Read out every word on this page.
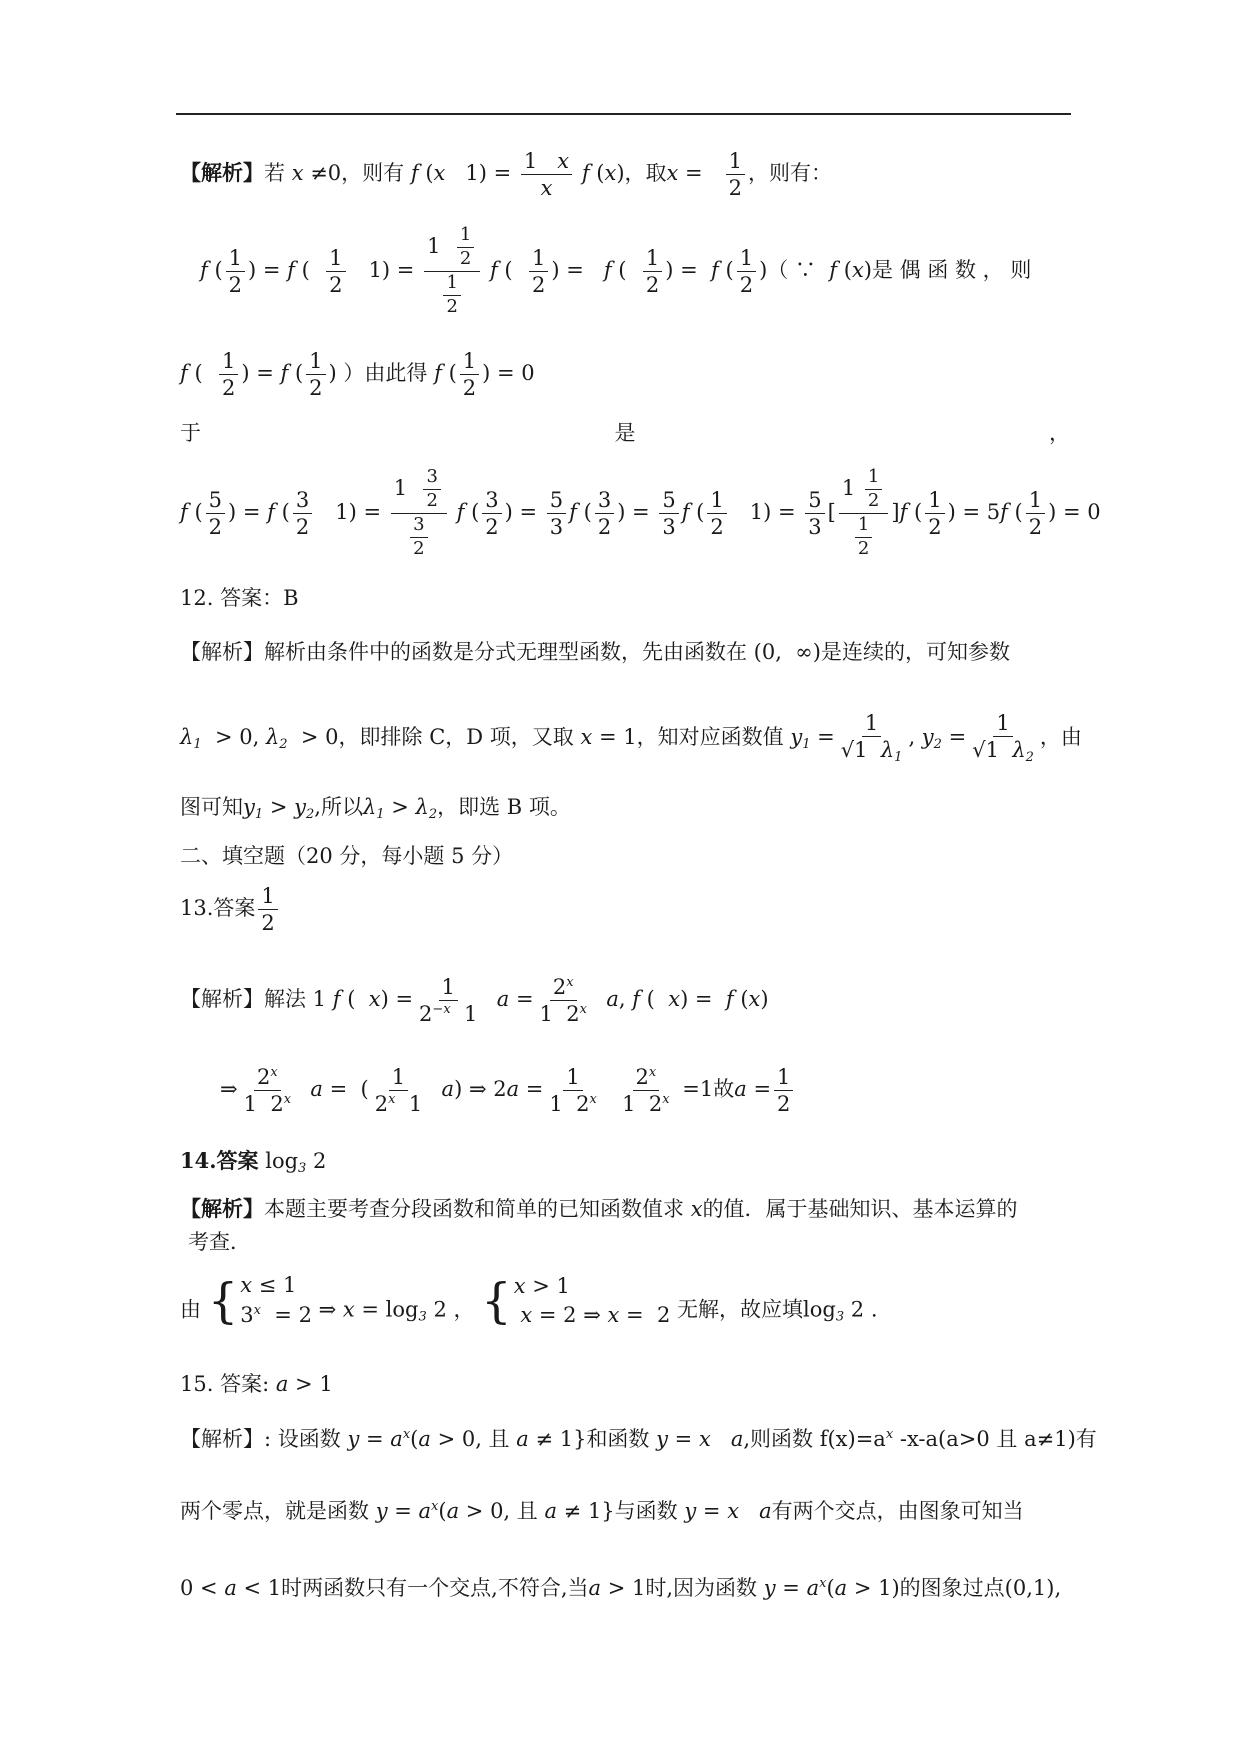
【解析】若 x ≠0，则有 f (x   $1) = \frac{1 x}{x}$ f (x)，取$x = \frac{1}{2}$ ，则有：
f ( $\frac{1}{2}$ ) = f ( $\frac{1}{2} 1) = \frac{1 \frac{1}{2}}{\frac{1}{2}}$ f ( $\frac{1}{2}$ ) =   f ( $\frac{1}{2}$ ) =  f ( $\frac{1}{2}$ )（ ∵  f (x)是 偶 函 数 ， 则
f ( $\frac{1}{2}$ ) = f ( $\frac{1}{2}$ ) ）由此得 f ( $\frac{1}{2}$ ) = 0
于	是	，
f ( $\frac{5}{2}$ ) = f ( $\frac{3}{2} 1) = \frac{1 \frac{3}{2}}{\frac{3}{2}}$ f ( $\frac{3}{2}$ ) = $\frac{5}{3}$ f ( $\frac{3}{2}$ ) = $\frac{5}{3}$ f ( $\frac{1}{2} 1) = \frac{5}{3}$ [ $\frac{1 \frac{1}{2}}{\frac{1}{2}} ]f$ ( $\frac{1}{2}$ ) = 5f ( $\frac{1}{2}$ ) = 0
12. 答案：B
【解析】解析由条件中的函数是分式无理型函数，先由函数在 (0,  ∞)是连续的，可知参数
$\lambda_1 > 0$, $\lambda_2 > 0$，即排除 C，D 项，又取 x = 1，知对应函数值 $y_1 = \frac{1}{√1 \lambda_1}$ , $y_2 = \frac{1}{√1 \lambda_2}$ ，由
图可知$y_1 > y_2$,所以$\lambda_1 > \lambda_2$，即选 B 项。
二、填空题（20 分，每小题 5 分）
13.答案 $\frac{1}{2}$
【解析】解法 1 f (  $x) = \frac{1}{2^{-x} 1}$ $a = \frac{2^x}{1 2^x} a$, f (  x) =  f (x)
⇒ $\frac{2^x}{1 2^x}$ a =  ( $\frac{1}{2^x 1} a$) ⇒ $2a = \frac{1}{1 2^x}$
$\frac{2^x}{1 2^x} =1$故$a = \frac{1}{2}$
14.答案 $\log_3 2$
【解析】本题主要考查分段函数和简单的已知函数值求 x的值．属于基础知识、基本运算的
考查．
由 { x ≤ 1
3$^x$  = 2 ⇒ $x = \log_3 2$ ， { x > 1
x = 2 ⇒ x =  2 无解，故应填$\log_3 2$ .
15. 答案: a > 1
【解析】: 设函数 $y = a^x(a > 0$, 且 a ≠ 1}和函数 y = x a,则函数 $f(x)=a^x$ -x-a(a>0 且 a≠1)有
两个零点，就是函数 $y = a^x(a > 0$, 且 a ≠ 1}与函数 y = x a有两个交点，由图象可知当
0 < a < 1时两函数只有一个交点,不符合,当a > 1时,因为函数 $y = a^x(a > 1)$的图象过点(0,1),
